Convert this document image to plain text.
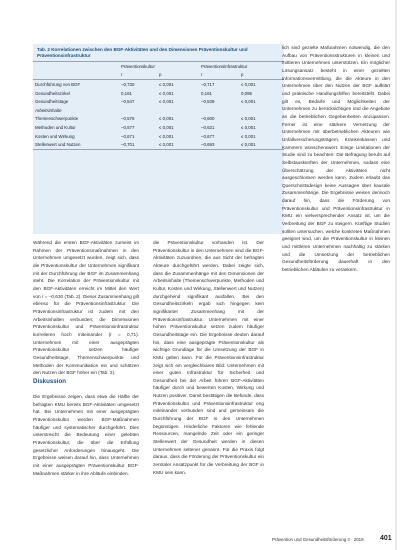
Tab. 2 Korrelationen zwischen den BGF-Aktivitäten und den Dimensionen Präventionskultur und Präventionsinfrastruktur
	Präventionskultur		Präventionsinfrastruktur	
	r	p	r	p
Durchführung von BGF	–0,730	≤ 0,001	–0,717	≤ 0,001
Gesundheitszirkel	0,161	≤ 0,001	0,161	0,095
Gesundheitstage	–0,547	≤ 0,001	–0,539	≤ 0,001
Arbeitsinhalte				
Themenschwerpunkte	–0,576	≤ 0,001	–0,600	≤ 0,001
Methoden und Kultur	–0,577	≤ 0,001	–0,621	≤ 0,001
Kosten und Wirkung	–0,671	≤ 0,001	–0,677	≤ 0,001
Stellenwert und Nutzen	–0,701	≤ 0,001	–0,693	≤ 0,001

Während die ersten BGF-Aktivitäten zumeist im Rahmen der Präventionsmaßnahmen in den Unternehmen umgesetzt wurden, zeigt sich, dass die Präventionskultur der Unternehmen signifikant mit der Durchführung der BGF im Zusammenhang steht. Die Korrelation der Präventionskultur mit den BGF-Aktivitäten erreicht im Mittel den Wert von r = –0,630 (Tab. 2). Dieser Zusammenhang gilt ebenso für die Präventionsinfrastruktur. Die Präventionsinfrastruktur ist zudem mit den Arbeitsinhalten verbunden; die Dimensionen Präventionskultur und Präventionsinfrastruktur korrelieren hoch miteinander (r = 0,71). Unternehmen mit einer ausgeprägten Präventionskultur setzen häufiger Gesundheitstage, Themenschwerpunkte und Methoden der Kommunikation ein und schätzen den Nutzen der BGF höher ein (Tab. 2).

Diskussion

Die Ergebnisse zeigen, dass etwa die Hälfte der befragten KMU bereits BGF-Aktivitäten umgesetzt hat. Bei Unternehmen mit einer ausgeprägten Präventionskultur werden BGF-Maßnahmen häufiger und systematischer durchgeführt. Dies unterstreicht die Bedeutung einer gelebten Präventionskultur, die über die Erfüllung gesetzlicher Anforderungen hinausgeht. Die Ergebnisse weisen darauf hin, dass Unternehmen mit einer ausgeprägten Präventionskultur BGF-Maßnahmen stärker in ihre Abläufe einbinden.

die Präventionskultur vorhanden ist. Der Präventionskultur in den Unternehmen sind die BGF-Aktivitäten zuzuordnen, die aus Sicht der befragten Akteure durchgeführt werden. Dabei zeigte sich, dass die Zusammenhänge mit den Dimensionen der Arbeitsinhalte (Themenschwerpunkte, Methoden und Kultur, Kosten und Wirkung, Stellenwert und Nutzen) durchgehend signifikant ausfallen. Bei den Gesundheitszirkeln ergab sich hingegen kein signifikanter Zusammenhang mit der Präventionsinfrastruktur. Unternehmen mit einer hohen Präventionskultur setzen zudem häufiger Gesundheitstage ein. Die Ergebnisse deuten darauf hin, dass eine ausgeprägte Präventionskultur als wichtige Grundlage für die Umsetzung der BGF in KMU gelten kann. Für die Präventionsinfrastruktur zeigt sich ein vergleichbares Bild: Unternehmen mit einer guten Infrastruktur für Sicherheit und Gesundheit bei der Arbeit führen BGF-Aktivitäten häufiger durch und bewerten Kosten, Wirkung und Nutzen positiver. Damit bestätigen die Befunde, dass Präventionskultur und Präventionsinfrastruktur eng miteinander verbunden sind und gemeinsam die Durchführung der BGF in den Unternehmen begünstigen. Hinderliche Faktoren wie fehlende Ressourcen, mangelnde Zeit oder ein geringer Stellenwert der Gesundheit werden in diesen Unternehmen seltener genannt. Für die Praxis folgt daraus, dass die Förderung der Präventionskultur ein zentraler Ansatzpunkt für die Verbreitung der BGF in KMU sein kann.

lich sind gezielte Maßnahmen notwendig, die den Aufbau von Präventionsstrukturen in kleinen und mittleren Unternehmen unterstützen. Ein möglicher Lösungsansatz besteht in einer gezielten Informationsvermittlung, die die Akteure in den Unternehmen über den Nutzen der BGF aufklärt und praktische Handlungshilfen bereitstellt. Dabei gilt es, Bedarfe und Möglichkeiten der Unternehmen zu berücksichtigen und die Angebote an die betrieblichen Gegebenheiten anzupassen. Ferner ist eine stärkere Vernetzung der Unternehmen mit überbetrieblichen Akteuren wie Unfallversicherungsträgern, Krankenkassen und Kammern wünschenswert. Einige Limitationen der Studie sind zu beachten: Die Befragung beruht auf Selbstauskünften der Unternehmen, sodass eine Überschätzung der Aktivitäten nicht ausgeschlossen werden kann. Zudem erlaubt das Querschnittsdesign keine Aussagen über kausale Zusammenhänge. Die Ergebnisse weisen dennoch darauf hin, dass die Förderung von Präventionskultur und Präventionsinfrastruktur in KMU ein vielversprechender Ansatz ist, um die Verbreitung der BGF zu steigern. Künftige Studien sollten untersuchen, welche konkreten Maßnahmen geeignet sind, um die Präventionskultur in kleinen und mittleren Unternehmen nachhaltig zu stärken und die Umsetzung der betrieblichen Gesundheitsförderung dauerhaft in den betrieblichen Abläufen zu verankern.

Prävention und Gesundheitsförderung 4 · 2019 401
